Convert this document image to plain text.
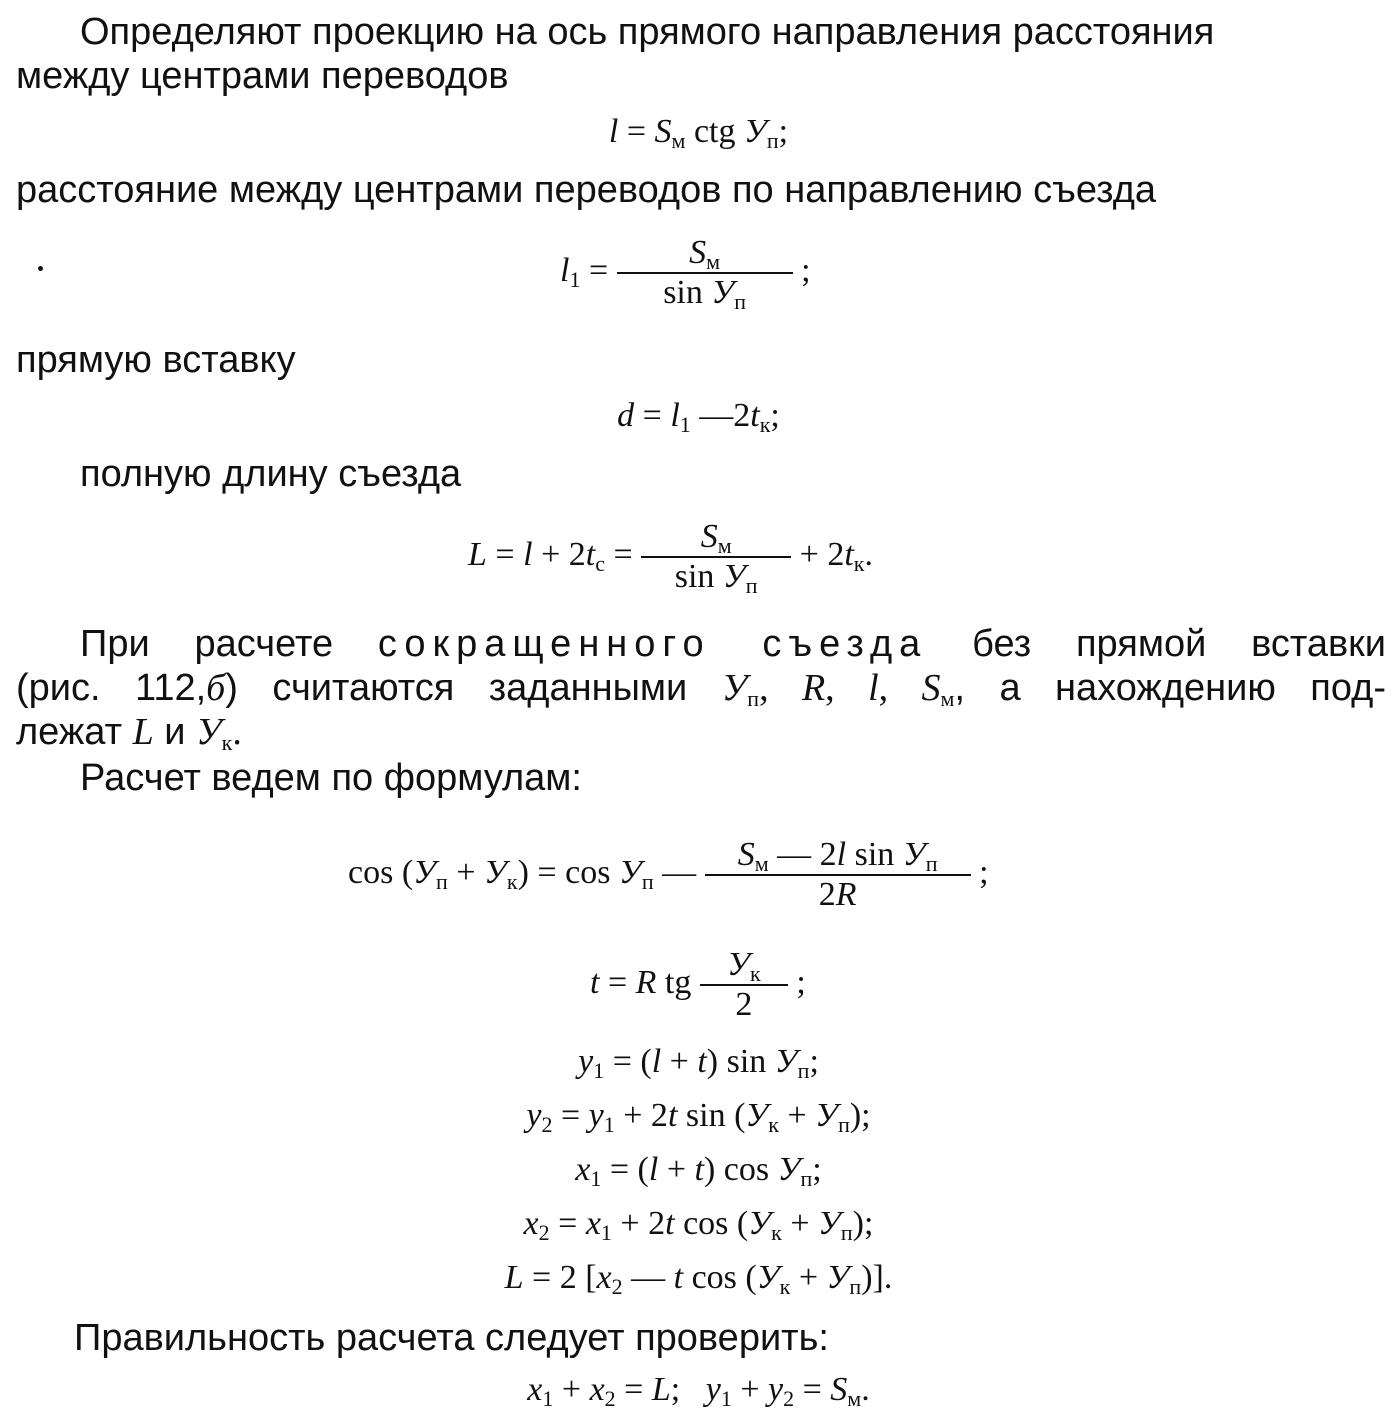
Определяют проекцию на ось прямого направления расстояния
между центрами переводов
$l = S_м$ ctg $У_п$;
расстояние между центрами переводов по направлению съезда
$l_1 = \frac{S_м}{\sin У_п}$ ;
прямую вставку
$d = l_1$ $—2t_к$;
полную длину съезда
$L = l + 2t_с = \frac{S_м}{\sin У_п} + 2t_к$.
При расчете сокращенного съезда без прямой вставки
(рис. 112,б) считаются заданными $У_п$, R, l, $S_м$, а нахождению под-
лежат L и $У_к$.
Расчет ведем по формулам:
$\cos (У_п + У_к) = \cos У_п$ — $\frac{S_м — 2l \sin У_п}{2R}$ ;
t = R tg $\frac{У_к}{2}$ ;
$y_1 = (l + t)$ $\sin У_п$;
$y_2 = y_1 + 2t$ $\sin (У_к + У_п)$;
$x_1 = (l + t)$ $\cos У_п$;
$x_2 = x_1 + 2t$ $\cos (У_к + У_п)$;
L = 2 [$x_2$ — t $\cos (У_к + У_п)$].
Правильность расчета следует проверить:
$x_1 + x_2 = L$;   $y_1 + y_2 = S_м$.
